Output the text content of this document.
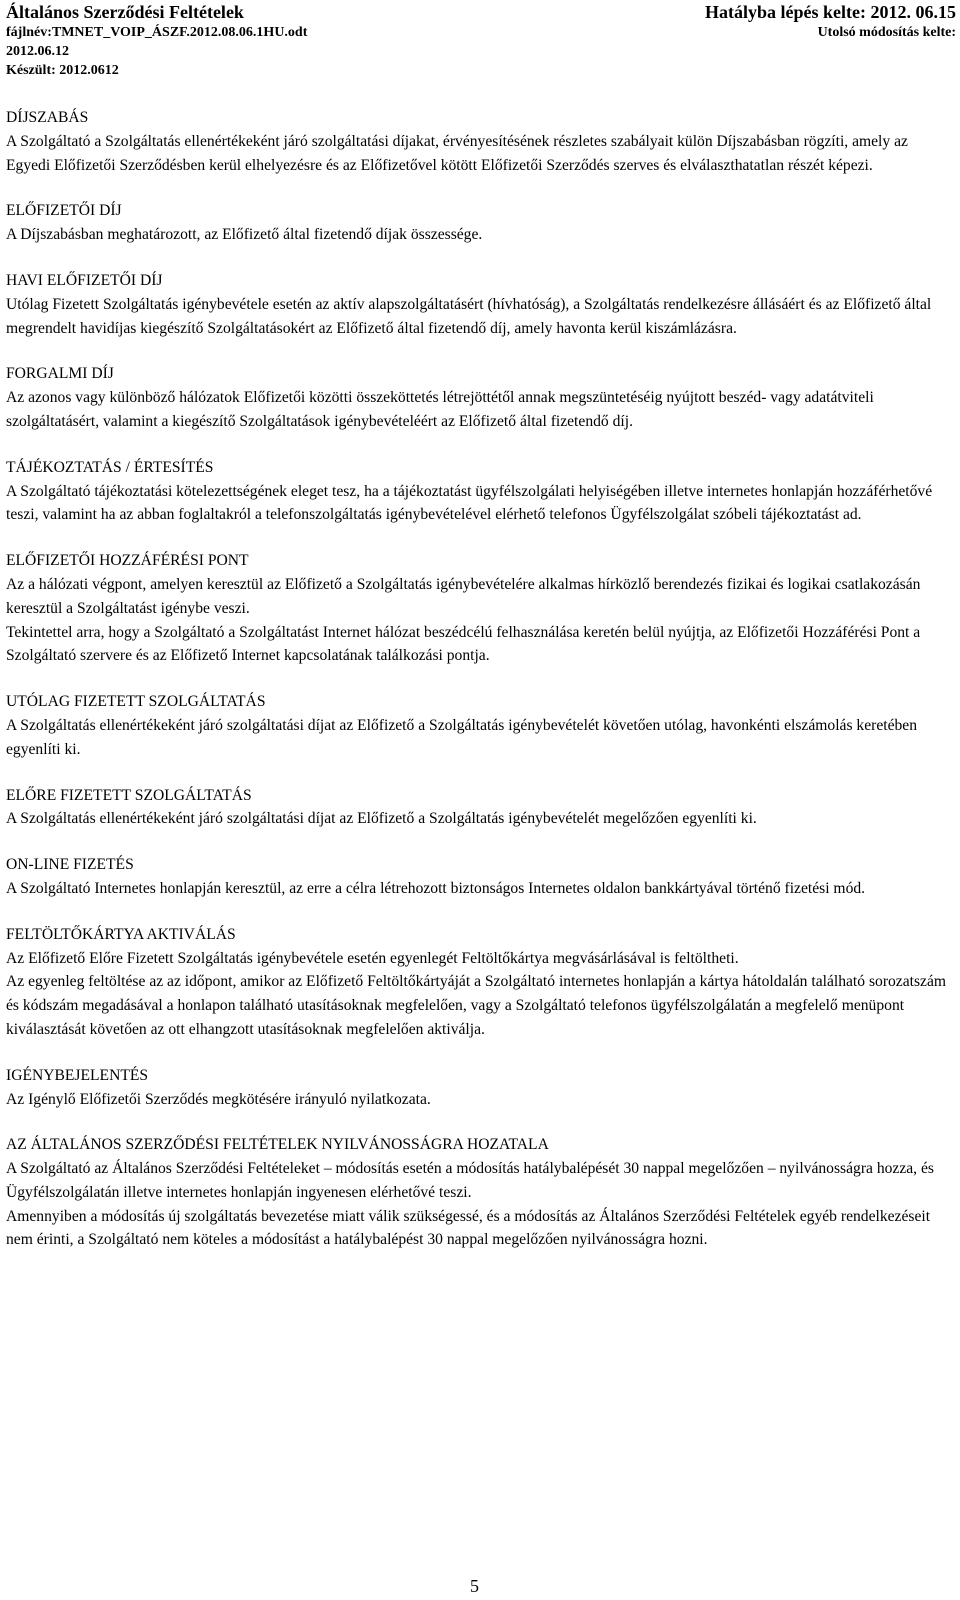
Általános Szerződési Feltételek	Hatályba lépés kelte: 2012. 06.15
fájlnév:TMNET_VOIP_ÁSZF.2012.08.06.1HU.odt	Utolsó módosítás kelte:
2012.06.12
Készült: 2012.0612

DÍJSZABÁS

A Szolgáltató a Szolgáltatás ellenértékeként járó szolgáltatási díjakat, érvényesítésének részletes szabályait külön Díjszabásban rögzíti, amely az Egyedi Előfizetői Szerződésben kerül elhelyezésre és az Előfizetővel kötött Előfizetői Szerződés szerves és elválaszthatatlan részét képezi.

ELŐFIZETŐI DÍJ

A Díjszabásban meghatározott, az Előfizető által fizetendő díjak összessége.

HAVI ELŐFIZETŐI DÍJ

Utólag Fizetett Szolgáltatás igénybevétele esetén az aktív alapszolgáltatásért (hívhatóság), a Szolgáltatás rendelkezésre állásáért és az Előfizető által megrendelt havidíjas kiegészítő Szolgáltatásokért az Előfizető által fizetendő díj, amely havonta kerül kiszámlázásra.

FORGALMI DÍJ

Az azonos vagy különböző hálózatok Előfizetői közötti összeköttetés létrejöttétől annak megszüntetéséig nyújtott beszéd- vagy adatátviteli szolgáltatásért, valamint a kiegészítő Szolgáltatások igénybevételéért az Előfizető által fizetendő díj.

TÁJÉKOZTATÁS / ÉRTESÍTÉS

A Szolgáltató tájékoztatási kötelezettségének eleget tesz, ha a tájékoztatást ügyfélszolgálati helyiségében illetve internetes honlapján hozzáférhetővé teszi, valamint ha az abban foglaltakról a telefonszolgáltatás igénybevételével elérhető telefonos Ügyfélszolgálat szóbeli tájékoztatást ad.

ELŐFIZETŐI HOZZÁFÉRÉSI PONT

Az a hálózati végpont, amelyen keresztül az Előfizető a Szolgáltatás igénybevételére alkalmas hírközlő berendezés fizikai és logikai csatlakozásán keresztül a Szolgáltatást igénybe veszi.

Tekintettel arra, hogy a Szolgáltató a Szolgáltatást Internet hálózat beszédcélú felhasználása keretén belül nyújtja, az Előfizetői Hozzáférési Pont a Szolgáltató szervere és az Előfizető Internet kapcsolatának találkozási pontja.

UTÓLAG FIZETETT SZOLGÁLTATÁS

A Szolgáltatás ellenértékeként járó szolgáltatási díjat az Előfizető a Szolgáltatás igénybevételét követően utólag, havonkénti elszámolás keretében egyenlíti ki.

ELŐRE FIZETETT SZOLGÁLTATÁS

A Szolgáltatás ellenértékeként járó szolgáltatási díjat az Előfizető a Szolgáltatás igénybevételét megelőzően egyenlíti ki.

ON-LINE FIZETÉS

A Szolgáltató Internetes honlapján keresztül, az erre a célra létrehozott biztonságos Internetes oldalon bankkártyával történő fizetési mód.

FELTÖLTŐKÁRTYA AKTIVÁLÁS

Az Előfizető Előre Fizetett Szolgáltatás igénybevétele esetén egyenlegét Feltöltőkártya megvásárlásával is feltöltheti.

Az egyenleg feltöltése az az időpont, amikor az Előfizető Feltöltőkártyáját a Szolgáltató internetes honlapján a kártya hátoldalán található sorozatszám és kódszám megadásával a honlapon található utasításoknak megfelelően, vagy a Szolgáltató telefonos ügyfélszolgálatán a megfelelő menüpont kiválasztását követően az ott elhangzott utasításoknak megfelelően aktiválja.

IGÉNYBEJELENTÉS

Az Igénylő Előfizetői Szerződés megkötésére irányuló nyilatkozata.

AZ ÁLTALÁNOS SZERZŐDÉSI FELTÉTELEK NYILVÁNOSSÁGRA HOZATALA

A Szolgáltató az Általános Szerződési Feltételeket – módosítás esetén a módosítás hatálybalépését 30 nappal megelőzően – nyilvánosságra hozza, és Ügyfélszolgálatán illetve internetes honlapján ingyenesen elérhetővé teszi.

Amennyiben a módosítás új szolgáltatás bevezetése miatt válik szükségessé, és a módosítás az Általános Szerződési Feltételek egyéb rendelkezéseit nem érinti, a Szolgáltató nem köteles a módosítást a hatálybalépést 30 nappal megelőzően nyilvánosságra hozni.

5
